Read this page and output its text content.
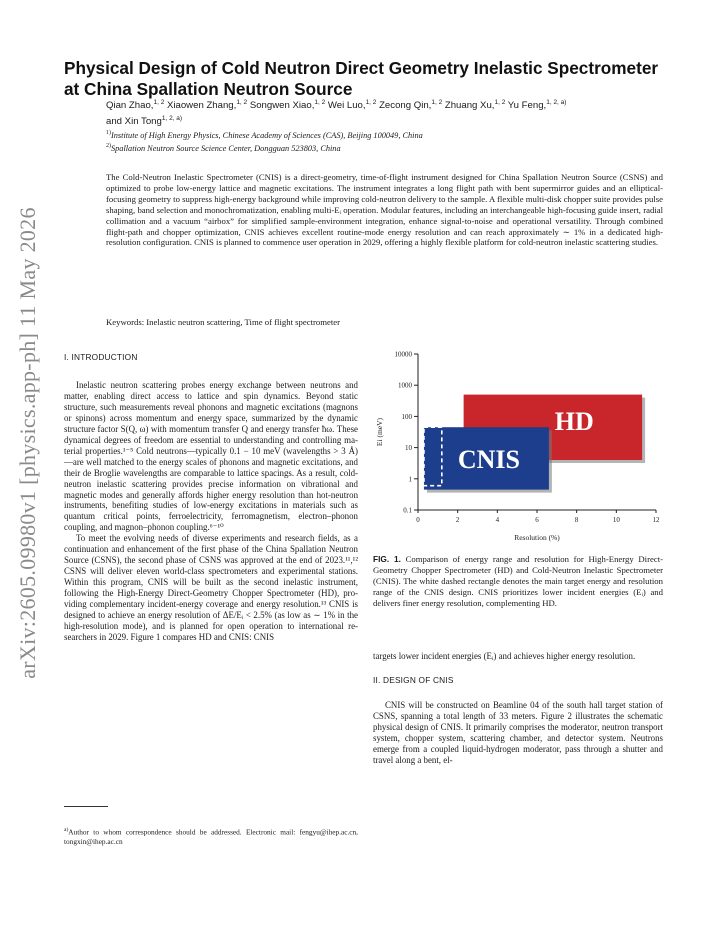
arXiv:2605.09980v1 [physics.app-ph] 11 May 2026
Physical Design of Cold Neutron Direct Geometry Inelastic Spectrometer at China Spallation Neutron Source
Qian Zhao,$^{1, 2}$ Xiaowen Zhang,$^{1, 2}$ Songwen Xiao,$^{1, 2}$ Wei Luo,$^{1, 2}$ Zecong Qin,$^{1, 2}$ Zhuang Xu,$^{1, 2}$ Yu Feng,$^{1, 2, a)}$
and Xin Tong$^{1, 2, a)}$
$^{1)}$Institute of High Energy Physics, Chinese Academy of Sciences (CAS), Beijing 100049, China
$^{2)}$Spallation Neutron Source Science Center, Dongguan 523803, China
The Cold-Neutron Inelastic Spectrometer (CNIS) is a direct-geometry, time-of-flight instrument designed for China Spallation Neutron Source (CSNS) and optimized to probe low-energy lattice and magnetic excitations. The instrument integrates a long flight path with bent supermirror guides and an elliptical-focusing geometry to suppress high-energy background while improving cold-neutron delivery to the sample. A flexible multi-disk chopper suite provides pulse shaping, band selection and monochromatization, enabling multi-Eᵢ operation. Modular features, including an interchangeable high-focusing guide insert, radial collimation and a vacuum “airbox” for simplified sample-environment integration, enhance signal-to-noise and operational versatility. Through combined flight-path and chopper optimization, CNIS achieves excellent routine-mode energy resolution and can reach approximately ∼ 1% in a dedicated high-resolution configuration. CNIS is planned to commence user operation in 2029, offering a highly flexible platform for cold-neutron inelastic scattering studies.
Keywords: Inelastic neutron scattering, Time of flight spectrometer
I. INTRODUCTION

Inelastic neutron scattering probes energy exchange between neutrons and matter, enabling direct access to lattice and spin dynamics. Beyond static structure, such measurements reveal phonons and magnetic excitations (magnons or spinons) across momentum and energy space, summarized by the dynamic structure factor S(Q, ω) with momentum transfer Q and energy transfer ħω. These dynamical degrees of freedom are essential to understanding and controlling material properties.¹⁻⁵ Cold neutrons—typically 0.1 − 10 meV (wavelengths > 3 Å)—are well matched to the energy scales of phonons and magnetic excitations, and their de Broglie wavelengths are comparable to lattice spacings. As a result, cold-neutron inelastic scattering provides precise information on vibrational and magnetic modes and generally affords higher energy resolution than hot-neutron instruments, benefiting studies of low-energy excitations in materials such as quantum critical points, ferroelectricity, ferromagnetism, electron–phonon coupling, and magnon–phonon coupling.⁶⁻¹⁰

To meet the evolving needs of diverse experiments and research fields, as a continuation and enhancement of the first phase of the China Spallation Neutron Source (CSNS), the second phase of CSNS was approved at the end of 2023.¹¹,¹² CSNS will deliver eleven world-class spectrometers and experimental stations. Within this program, CNIS will be built as the second inelastic instrument, following the High-Energy Direct-Geometry Chopper Spectrometer (HD), providing complementary incident-energy coverage and energy resolution.¹³ CNIS is designed to achieve an energy resolution of ΔE/Eᵢ < 2.5% (as low as ∼ 1% in the high-resolution mode), and is planned for open operation to international researchers in 2029. Figure 1 compares HD and CNIS: CNIS

$^{a)}$Author to whom correspondence should be addressed. Electronic mail: fengyu@ihep.ac.cn, tongxin@ihep.ac.cn
HD
CNIS
0.1
1
10
100
1000
10000
0	2	4	6	8	10	12
Resolution (%)
Ei (meV)
FIG. 1. Comparison of energy range and resolution for High-Energy Direct-Geometry Chopper Spectrometer (HD) and Cold-Neutron Inelastic Spectrometer (CNIS). The white dashed rectangle denotes the main target energy and resolution range of the CNIS design. CNIS prioritizes lower incident energies (Eᵢ) and delivers finer energy resolution, complementing HD.
targets lower incident energies (Eᵢ) and achieves higher energy resolution.
II. DESIGN OF CNIS

CNIS will be constructed on Beamline 04 of the south hall target station of CSNS, spanning a total length of 33 meters. Figure 2 illustrates the schematic physical design of CNIS. It primarily comprises the moderator, neutron transport system, chopper system, scattering chamber, and detector system. Neutrons emerge from a coupled liquid-hydrogen moderator, pass through a shutter and travel along a bent, el-
